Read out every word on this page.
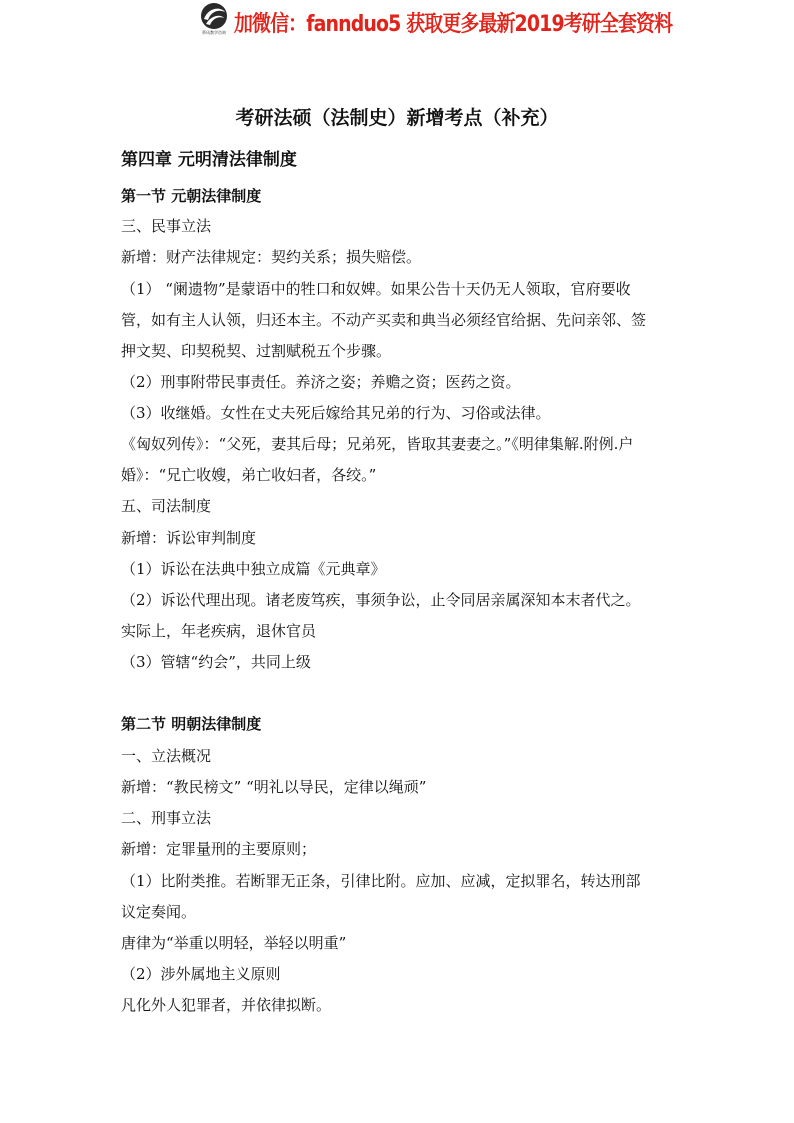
慕风教学咨询 加微信：fannduo5 获取更多最新2019考研全套资料
考研法硕（法制史）新增考点（补充）
第四章 元明清法律制度
第一节 元朝法律制度
三、民事立法
新增：财产法律规定：契约关系；损失赔偿。
（1） “阑遗物”是蒙语中的牲口和奴婢。如果公告十天仍无人领取，官府要收
管，如有主人认领，归还本主。不动产买卖和典当必须经官给据、先问亲邻、签
押文契、印契税契、过割赋税五个步骤。
（2）刑事附带民事责任。养济之姿；养赡之资；医药之资。
（3）收继婚。女性在丈夫死后嫁给其兄弟的行为、习俗或法律。
《匈奴列传》：“父死，妻其后母；兄弟死，皆取其妻妻之。”《明律集解.附例.户
婚》：“兄亡收嫂，弟亡收妇者，各绞。”
五、司法制度
新增：诉讼审判制度
（1）诉讼在法典中独立成篇《元典章》
（2）诉讼代理出现。诸老废笃疾，事须争讼，止令同居亲属深知本末者代之。
实际上，年老疾病，退休官员
（3）管辖“约会”，共同上级
第二节 明朝法律制度
一、立法概况
新增：“教民榜文” “明礼以导民，定律以绳顽”
二、刑事立法
新增：定罪量刑的主要原则；
（1）比附类推。若断罪无正条，引律比附。应加、应减，定拟罪名，转达刑部
议定奏闻。
唐律为“举重以明轻，举轻以明重”
（2）涉外属地主义原则
凡化外人犯罪者，并依律拟断。
